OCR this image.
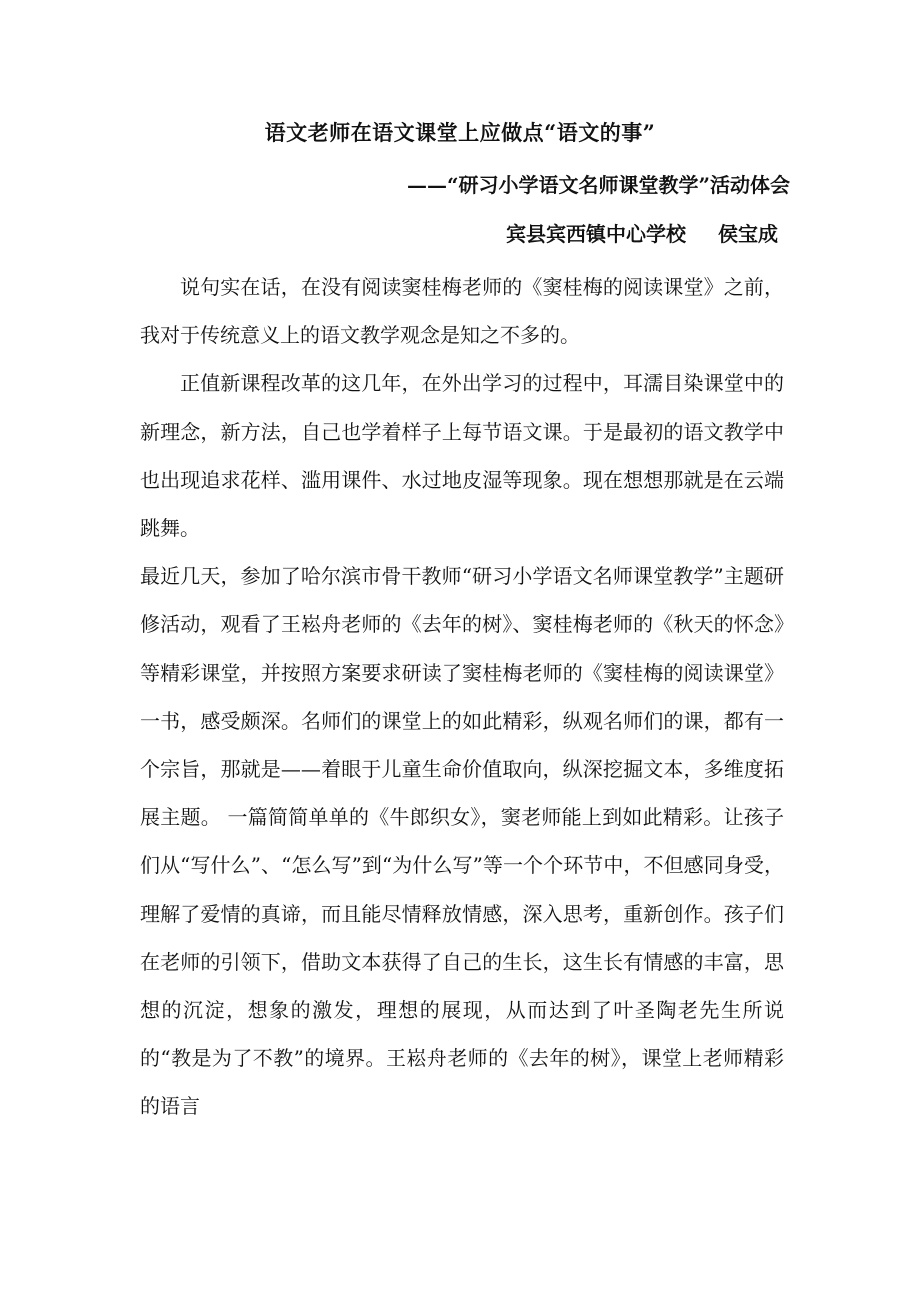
语文老师在语文课堂上应做点“语文的事”
——“研习小学语文名师课堂教学”活动体会
宾县宾西镇中心学校 侯宝成

说句实在话，在没有阅读窦桂梅老师的《窦桂梅的阅读课堂》之前，我对于传统意义上的语文教学观念是知之不多的。

正值新课程改革的这几年，在外出学习的过程中，耳濡目染课堂中的新理念，新方法，自己也学着样子上每节语文课。于是最初的语文教学中也出现追求花样、滥用课件、水过地皮湿等现象。现在想想那就是在云端跳舞。

最近几天，参加了哈尔滨市骨干教师“研习小学语文名师课堂教学”主题研修活动，观看了王崧舟老师的《去年的树》、窦桂梅老师的《秋天的怀念》等精彩课堂，并按照方案要求研读了窦桂梅老师的《窦桂梅的阅读课堂》一书，感受颇深。名师们的课堂上的如此精彩，纵观名师们的课，都有一个宗旨，那就是——着眼于儿童生命价值取向，纵深挖掘文本，多维度拓展主题。 一篇简简单单的《牛郎织女》，窦老师能上到如此精彩。让孩子们从“写什么”、“怎么写”到“为什么写”等一个个环节中，不但感同身受，理解了爱情的真谛，而且能尽情释放情感，深入思考，重新创作。孩子们在老师的引领下，借助文本获得了自己的生长，这生长有情感的丰富，思想的沉淀，想象的激发，理想的展现，从而达到了叶圣陶老先生所说的“教是为了不教”的境界。王崧舟老师的《去年的树》，课堂上老师精彩的语言
